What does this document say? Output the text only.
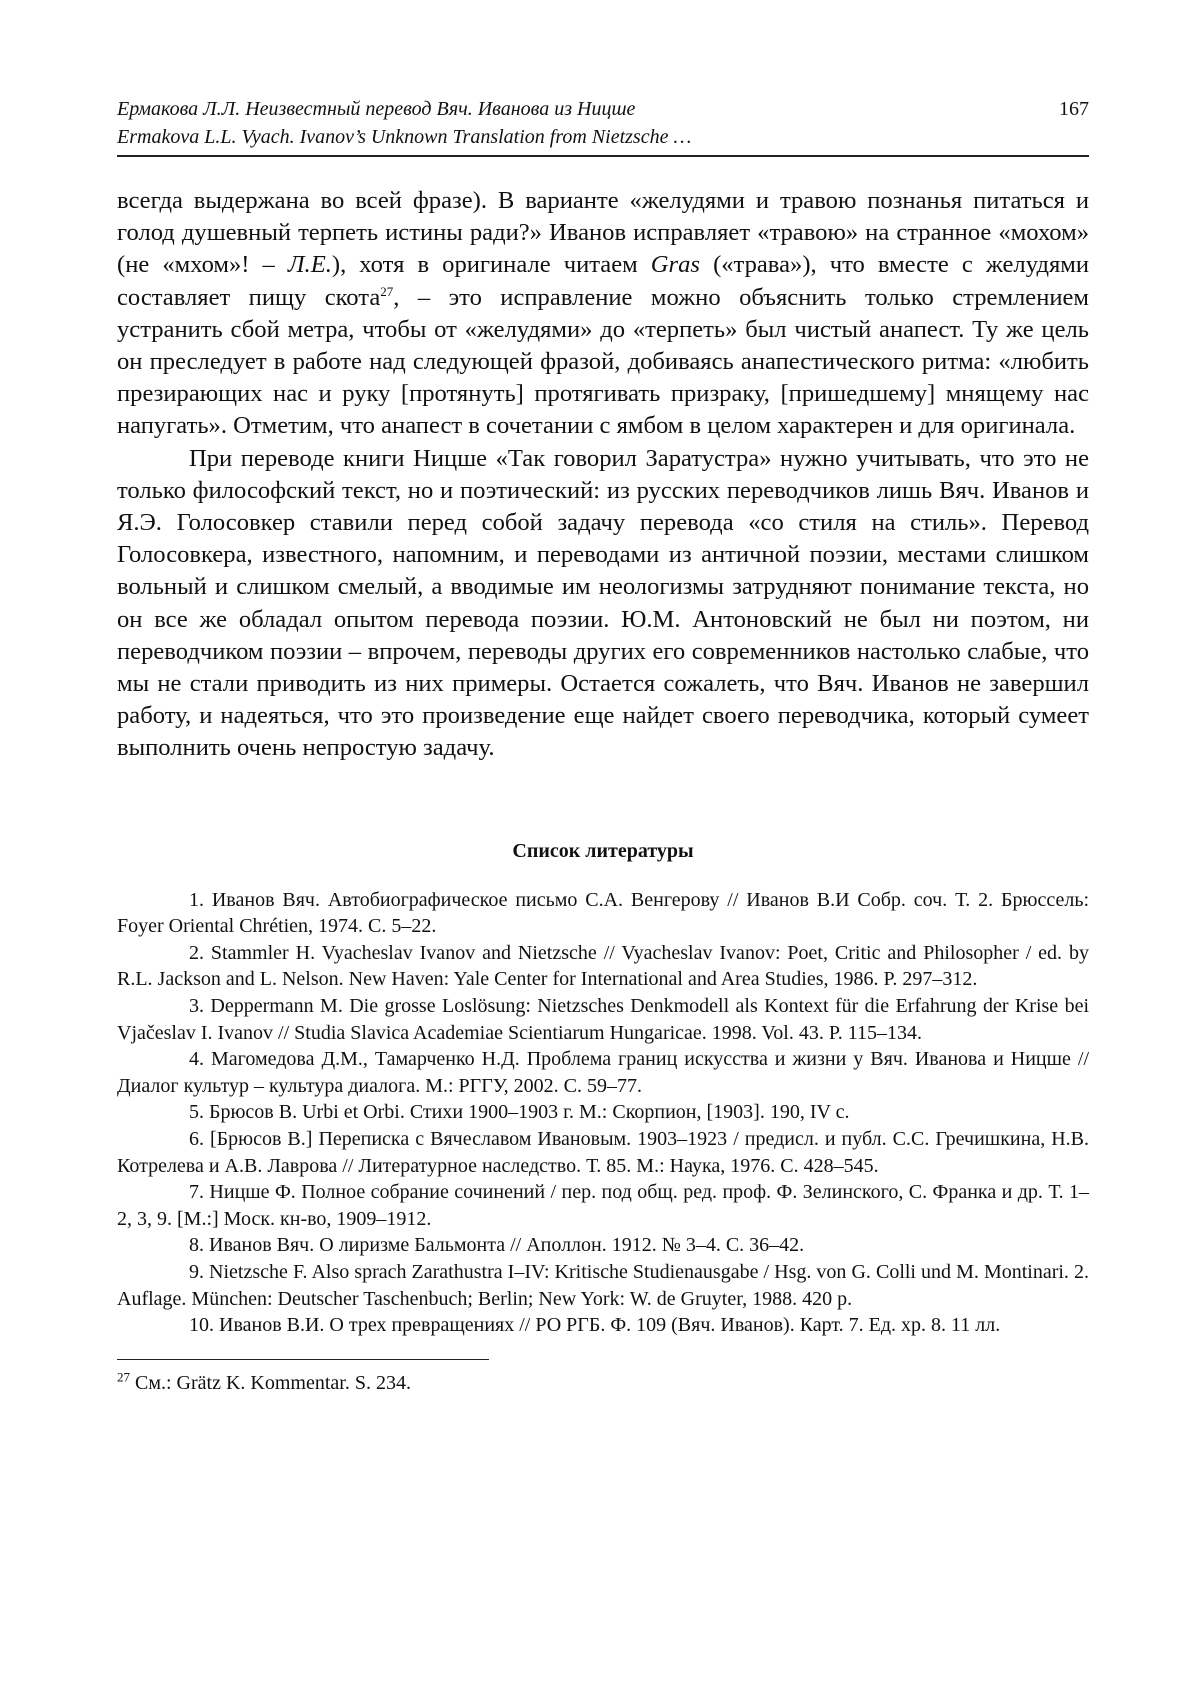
Ермакова Л.Л. Неизвестный перевод Вяч. Иванова из Ницше
Ermakova L.L. Vyach. Ivanov’s Unknown Translation from Nietzsche …
167

всегда выдержана во всей фразе). В варианте «желудями и травою познанья питаться и голод душевный терпеть истины ради?» Иванов исправляет «травою» на странное «мохом» (не «мхом»! – Л.Е.), хотя в оригинале читаем Gras («трава»), что вместе с желудями составляет пищу скота$^{27}$, – это исправление можно объяснить только стремлением устранить сбой метра, чтобы от «желудями» до «терпеть» был чистый анапест. Ту же цель он преследует в работе над следующей фразой, добиваясь анапестического ритма: «любить презирающих нас и руку [протянуть] протягивать призраку, [пришедшему] мнящему нас напугать». Отметим, что анапест в сочетании с ямбом в целом характерен и для оригинала.

При переводе книги Ницше «Так говорил Заратустра» нужно учитывать, что это не только философский текст, но и поэтический: из русских переводчиков лишь Вяч. Иванов и Я.Э. Голосовкер ставили перед собой задачу перевода «со стиля на стиль». Перевод Голосовкера, известного, напомним, и переводами из античной поэзии, местами слишком вольный и слишком смелый, а вводимые им неологизмы затрудняют понимание текста, но он все же обладал опытом перевода поэзии. Ю.М. Антоновский не был ни поэтом, ни переводчиком поэзии – впрочем, переводы других его современников настолько слабые, что мы не стали приводить из них примеры. Остается сожалеть, что Вяч. Иванов не завершил работу, и надеяться, что это произведение еще найдет своего переводчика, который сумеет выполнить очень непростую задачу.

Список литературы

1. Иванов Вяч. Автобиографическое письмо С.А. Венгерову // Иванов В.И Собр. соч. Т. 2. Брюссель: Foyer Oriental Chrétien, 1974. С. 5–22.

2. Stammler H. Vyacheslav Ivanov and Nietzsche // Vyacheslav Ivanov: Poet, Critic and Philosopher / ed. by R.L. Jackson and L. Nelson. New Haven: Yale Center for International and Area Studies, 1986. P. 297–312.

3. Deppermann M. Die grosse Loslösung: Nietzsches Denkmodell als Kontext für die Erfahrung der Krise bei Vjačeslav I. Ivanov // Studia Slavica Academiae Scientiarum Hungaricae. 1998. Vol. 43. P. 115–134.

4. Магомедова Д.М., Тамарченко Н.Д. Проблема границ искусства и жизни у Вяч. Иванова и Ницше // Диалог культур – культура диалога. М.: РГГУ, 2002. С. 59–77.

5. Брюсов В. Urbi et Orbi. Стихи 1900–1903 г. М.: Скорпион, [1903]. 190, IV с.

6. [Брюсов В.] Переписка с Вячеславом Ивановым. 1903–1923 / предисл. и публ. С.С. Гречишкина, Н.В. Котрелева и А.В. Лаврова // Литературное наследство. Т. 85. М.: Наука, 1976. С. 428–545.

7. Ницше Ф. Полное собрание сочинений / пер. под общ. ред. проф. Ф. Зелинского, С. Франка и др. Т. 1–2, 3, 9. [М.:] Моск. кн-во, 1909–1912.

8. Иванов Вяч. О лиризме Бальмонта // Аполлон. 1912. № 3–4. С. 36–42.

9. Nietzsche F. Also sprach Zarathustra I–IV: Kritische Studienausgabe / Hsg. von G. Colli und M. Montinari. 2. Auflage. München: Deutscher Taschenbuch; Berlin; New York: W. de Gruyter, 1988. 420 p.

10. Иванов В.И. О трех превращениях // РО РГБ. Ф. 109 (Вяч. Иванов). Карт. 7. Ед. хр. 8. 11 лл.

$^{27}$ См.: Grätz K. Kommentar. S. 234.
